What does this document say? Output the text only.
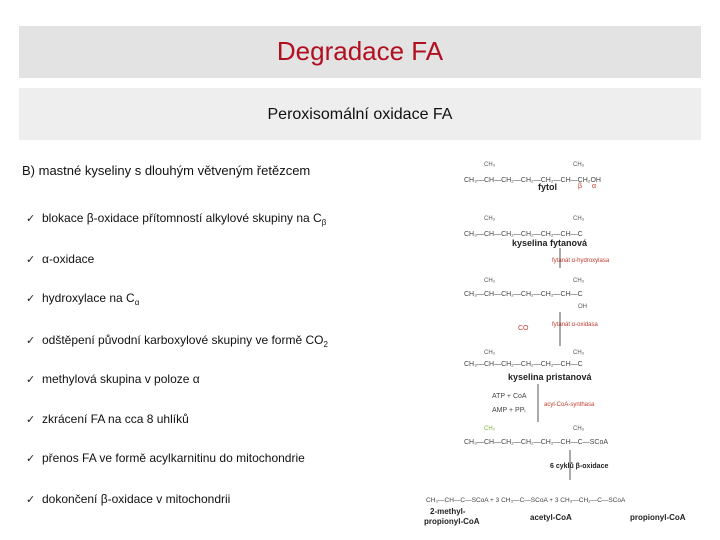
Degradace FA
Peroxisomální oxidace FA
B) mastné kyseliny s dlouhým větveným řetězcem
✓ blokace β-oxidace přítomností alkylové skupiny na $C_\beta$
✓ α-oxidace
✓ hydroxylace na $C_\alpha$
✓ odštěpení původní karboxylové skupiny ve formě $CO_2$
✓ methylová skupina v poloze α
✓ zkrácení FA na cca 8 uhlíků
✓ přenos FA ve formě acylkarnitinu do mitochondrie
✓ dokončení β-oxidace v mitochondrii
CH₃	CH₃
CH₃—CH—CH₂—CH₂—CH₂—CH—CH₂OH
fytol	β α
CH₃	CH₃
CH₃—CH—CH₂—CH₂—CH₂—CH—C
kyselina fytanová
fytanát α-hydroxylasa
CH₃	CH₃
CH₃—CH—CH₂—CH₂—CH₂—CH—C
OH
CO	fytanát α-oxidasa
CH₃	CH₃
CH₃—CH—CH₂—CH₂—CH₂—CH—C
kyselina pristanová
ATP + CoA
AMP + PPᵢ
acyl-CoA-synthasa
CH₃	CH₃
CH₃—CH—CH₂—CH₂—CH₂—CH—C—SCoA
6 cyklů β-oxidace
CH₃—CH—C—SCoA + 3 CH₃—C—SCoA + 3 CH₃—CH₂—C—SCoA
2-methyl-
propionyl-CoA	acetyl-CoA	propionyl-CoA
